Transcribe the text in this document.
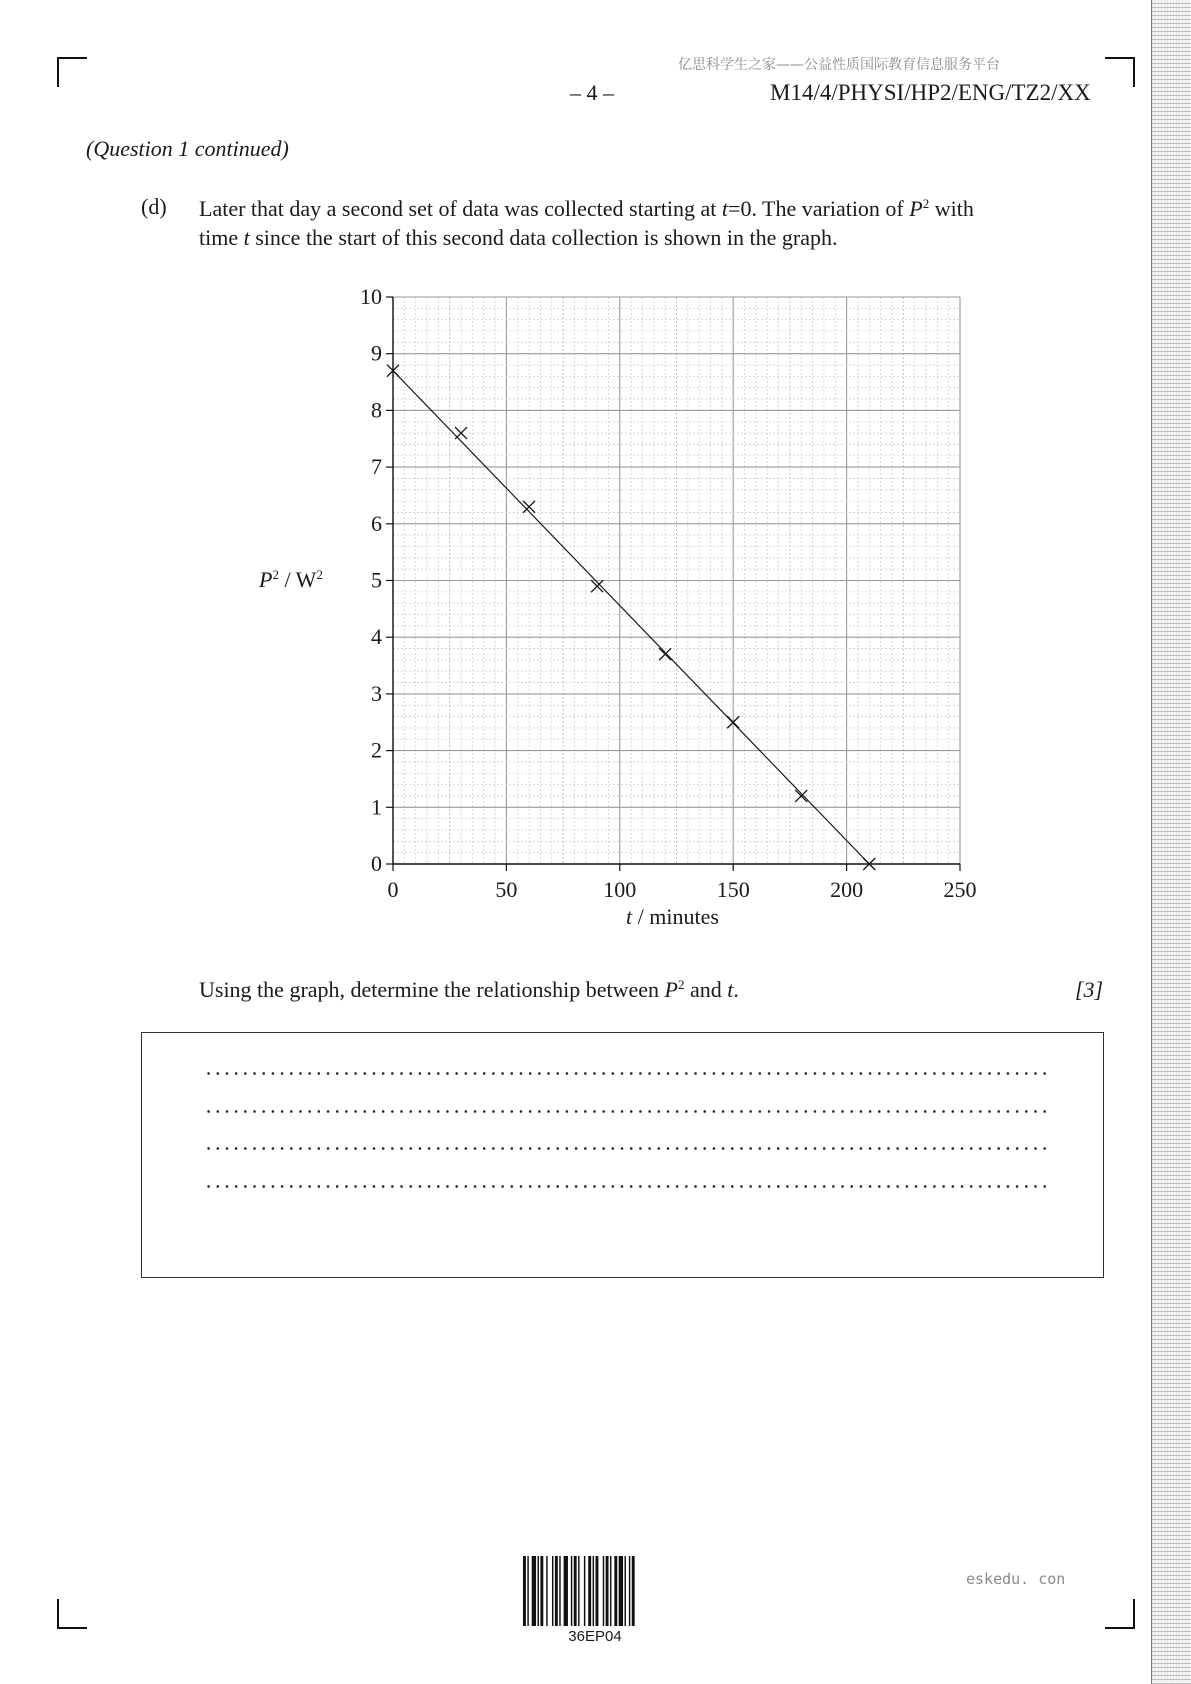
亿思科学生之家——公益性质国际教育信息服务平台
– 4 –	M14/4/PHYSI/HP2/ENG/TZ2/XX
(Question 1 continued)
(d) Later that day a second set of data was collected starting at t=0. The variation of $P^2$ with
time t since the start of this second data collection is shown in the graph.
0
1
2
3
4
5
6
7
8
9
10
0	50	100	150	200	250
$P^2 / W^2$
t / minutes
Using the graph, determine the relationship between $P^2$ and t.	[3]
36EP04
eskedu. con
